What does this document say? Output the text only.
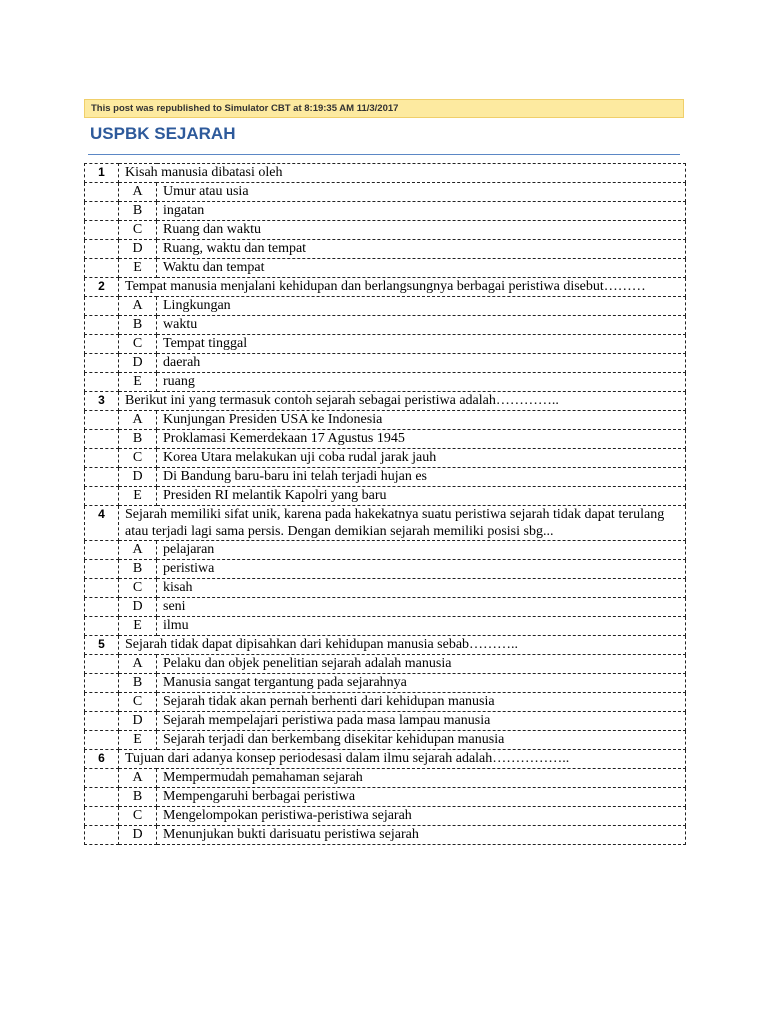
This post was republished to Simulator CBT at 8:19:35 AM 11/3/2017
USPBK SEJARAH
1	Kisah manusia dibatasi oleh	
	A	Umur atau usia
	B	ingatan
	C	Ruang dan waktu
	D	Ruang, waktu dan tempat
	E	Waktu dan tempat
2	Tempat manusia menjalani kehidupan dan berlangsungnya berbagai peristiwa disebut………	
	A	Lingkungan
	B	waktu
	C	Tempat tinggal
	D	daerah
	E	ruang
3	Berikut ini yang termasuk contoh sejarah sebagai peristiwa adalah…………..	
	A	Kunjungan Presiden USA ke Indonesia
	B	Proklamasi Kemerdekaan 17 Agustus 1945
	C	Korea Utara melakukan uji coba rudal jarak jauh
	D	Di Bandung baru-baru ini telah terjadi hujan es
	E	Presiden RI melantik Kapolri yang baru
4	Sejarah memiliki sifat unik, karena pada hakekatnya suatu peristiwa sejarah tidak dapat terulang atau terjadi lagi sama persis. Dengan demikian sejarah memiliki posisi sbg...	
	A	pelajaran
	B	peristiwa
	C	kisah
	D	seni
	E	ilmu
5	Sejarah tidak dapat dipisahkan dari kehidupan manusia sebab………..	
	A	Pelaku dan objek penelitian sejarah adalah manusia
	B	Manusia sangat tergantung pada sejarahnya
	C	Sejarah tidak akan pernah berhenti dari kehidupan manusia
	D	Sejarah mempelajari peristiwa pada masa lampau manusia
	E	Sejarah terjadi dan berkembang disekitar kehidupan manusia
6	Tujuan dari adanya konsep periodesasi dalam ilmu sejarah adalah……………..	
	A	Mempermudah pemahaman sejarah
	B	Mempengaruhi berbagai peristiwa
	C	Mengelompokan peristiwa-peristiwa sejarah
	D	Menunjukan bukti darisuatu peristiwa sejarah
